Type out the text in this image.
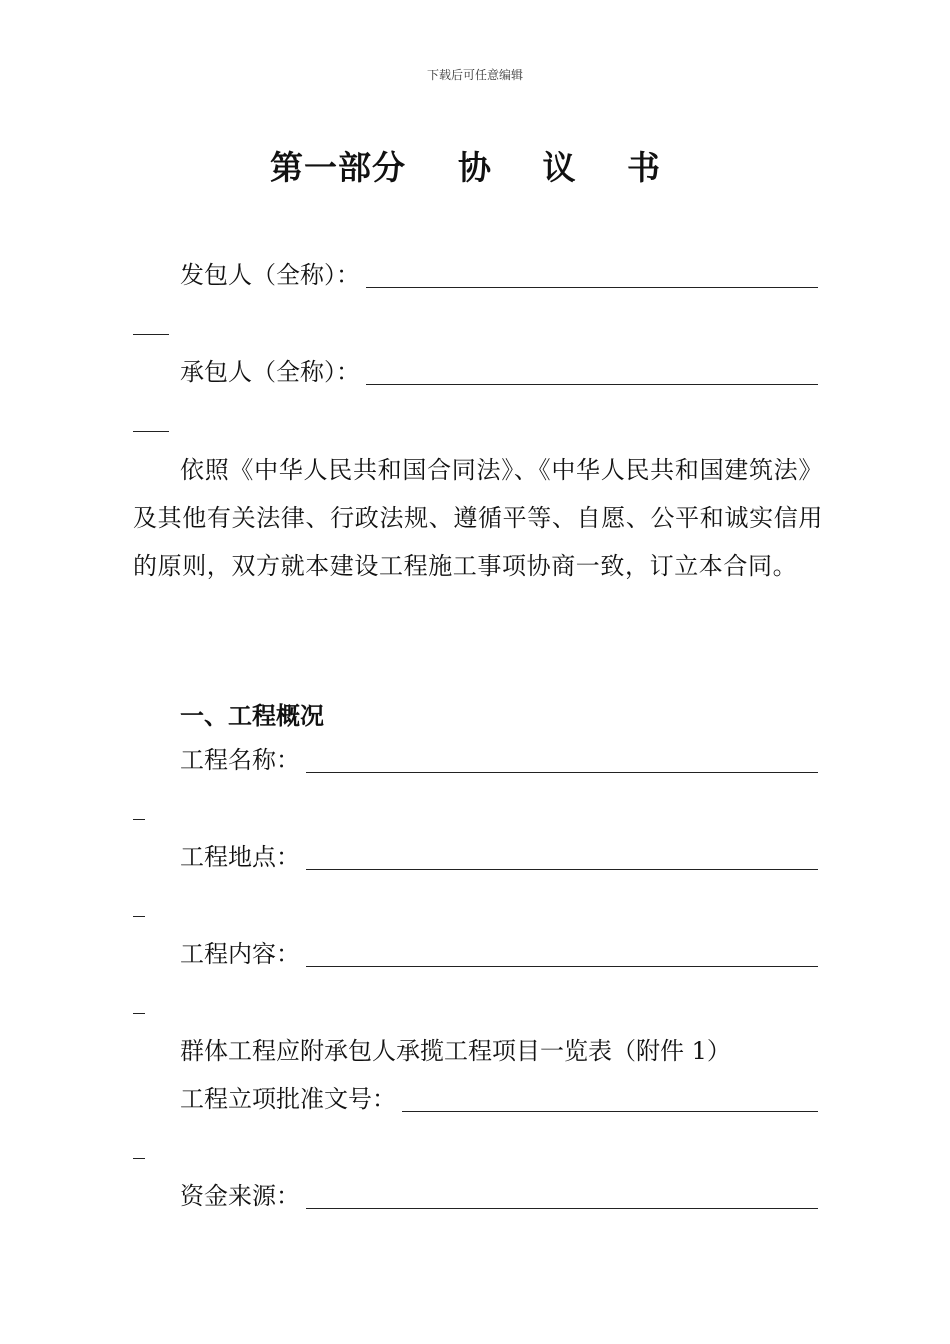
下载后可任意编辑
第一部分 协 议 书
发包人（全称）：
承包人（全称）：
依照《中华人民共和国合同法》、《中华人民共和国建筑法》及其他有关法律、行政法规、遵循平等、自愿、公平和诚实信用的原则，双方就本建设工程施工事项协商一致，订立本合同。
一、工程概况
工程名称：
工程地点：
工程内容：
群体工程应附承包人承揽工程项目一览表（附件 1）
工程立项批准文号：
资金来源：
